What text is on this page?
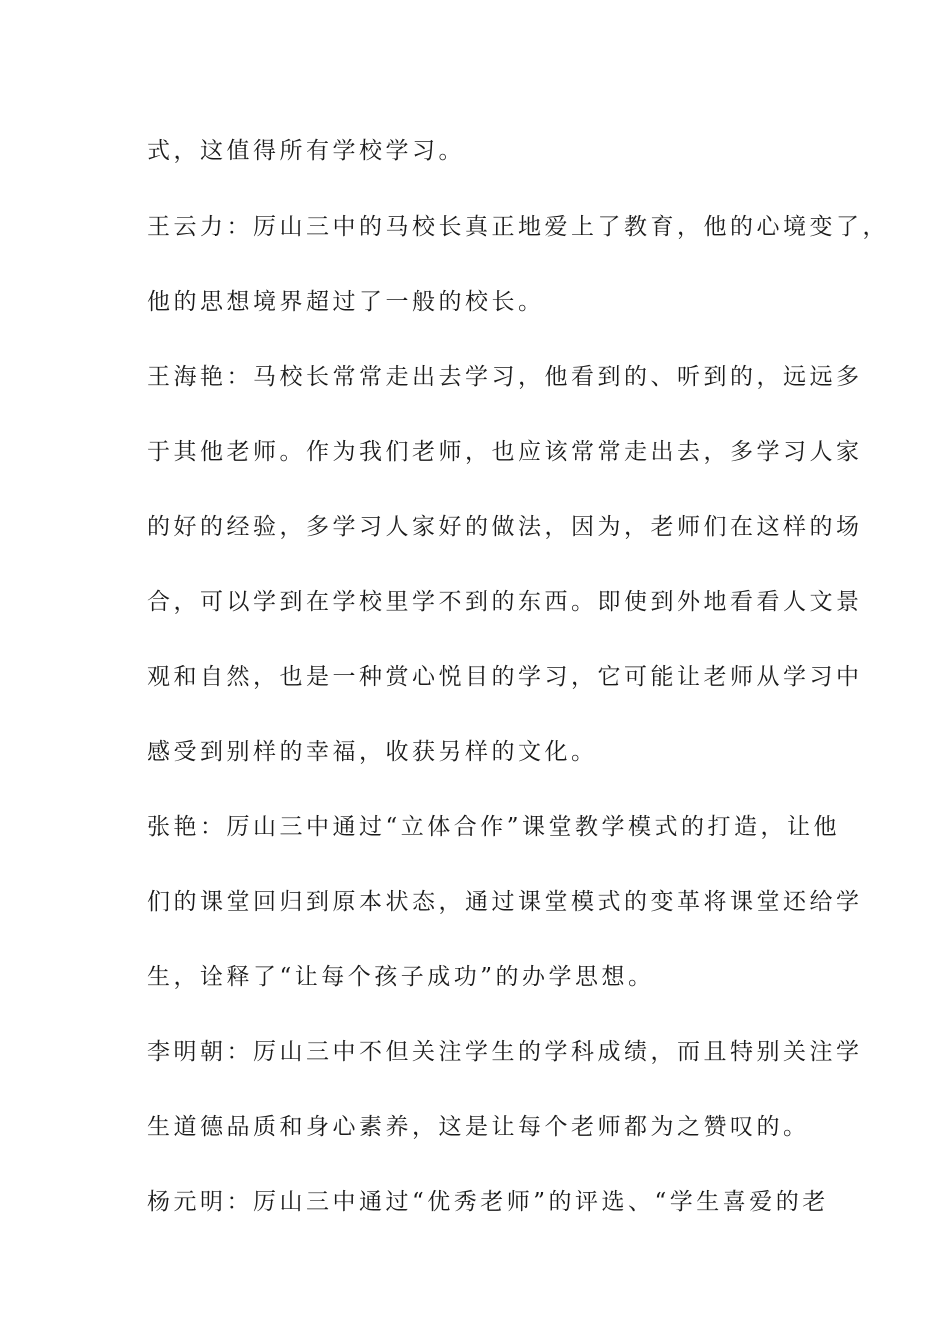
式，这值得所有学校学习。
王云力：厉山三中的马校长真正地爱上了教育，他的心境变了，
他的思想境界超过了一般的校长。
王海艳：马校长常常走出去学习，他看到的、听到的，远远多
于其他老师。作为我们老师，也应该常常走出去，多学习人家
的好的经验，多学习人家好的做法，因为，老师们在这样的场
合，可以学到在学校里学不到的东西。即使到外地看看人文景
观和自然，也是一种赏心悦目的学习，它可能让老师从学习中
感受到别样的幸福，收获另样的文化。
张艳：厉山三中通过“立体合作”课堂教学模式的打造，让他
们的课堂回归到原本状态，通过课堂模式的变革将课堂还给学
生，诠释了“让每个孩子成功”的办学思想。
李明朝：厉山三中不但关注学生的学科成绩，而且特别关注学
生道德品质和身心素养，这是让每个老师都为之赞叹的。
杨元明：厉山三中通过“优秀老师”的评选、“学生喜爱的老
